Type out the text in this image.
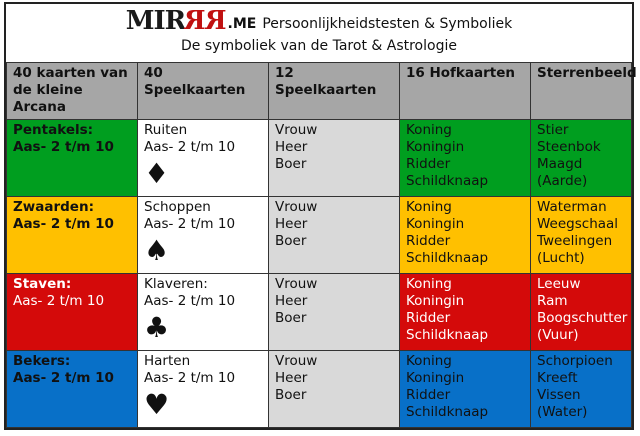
MIRRR .ME Persoonlijkheidstesten & Symboliek
De symboliek van de Tarot & Astrologie
40 kaarten van de kleine Arcana	40 Speelkaarten	12 Speelkaarten	16 Hofkaarten	Sterrenbeeld

Pentakels:
Aas- 2 t/m 10	Ruiten
Aas- 2 t/m 10
♦	Vrouw
Heer
Boer	Koning
Koningin
Ridder
Schildknaap	Stier
Steenbok
Maagd
(Aarde)

Zwaarden:
Aas- 2 t/m 10	Schoppen
Aas- 2 t/m 10
♠	Vrouw
Heer
Boer	Koning
Koningin
Ridder
Schildknaap	Waterman
Weegschaal
Tweelingen
(Lucht)

Staven:
Aas- 2 t/m 10	Klaveren:
Aas- 2 t/m 10
♣	Vrouw
Heer
Boer	Koning
Koningin
Ridder
Schildknaap	Leeuw
Ram
Boogschutter
(Vuur)

Bekers:
Aas- 2 t/m 10	Harten
Aas- 2 t/m 10
♥	Vrouw
Heer
Boer	Koning
Koningin
Ridder
Schildknaap	Schorpioen
Kreeft
Vissen
(Water)
